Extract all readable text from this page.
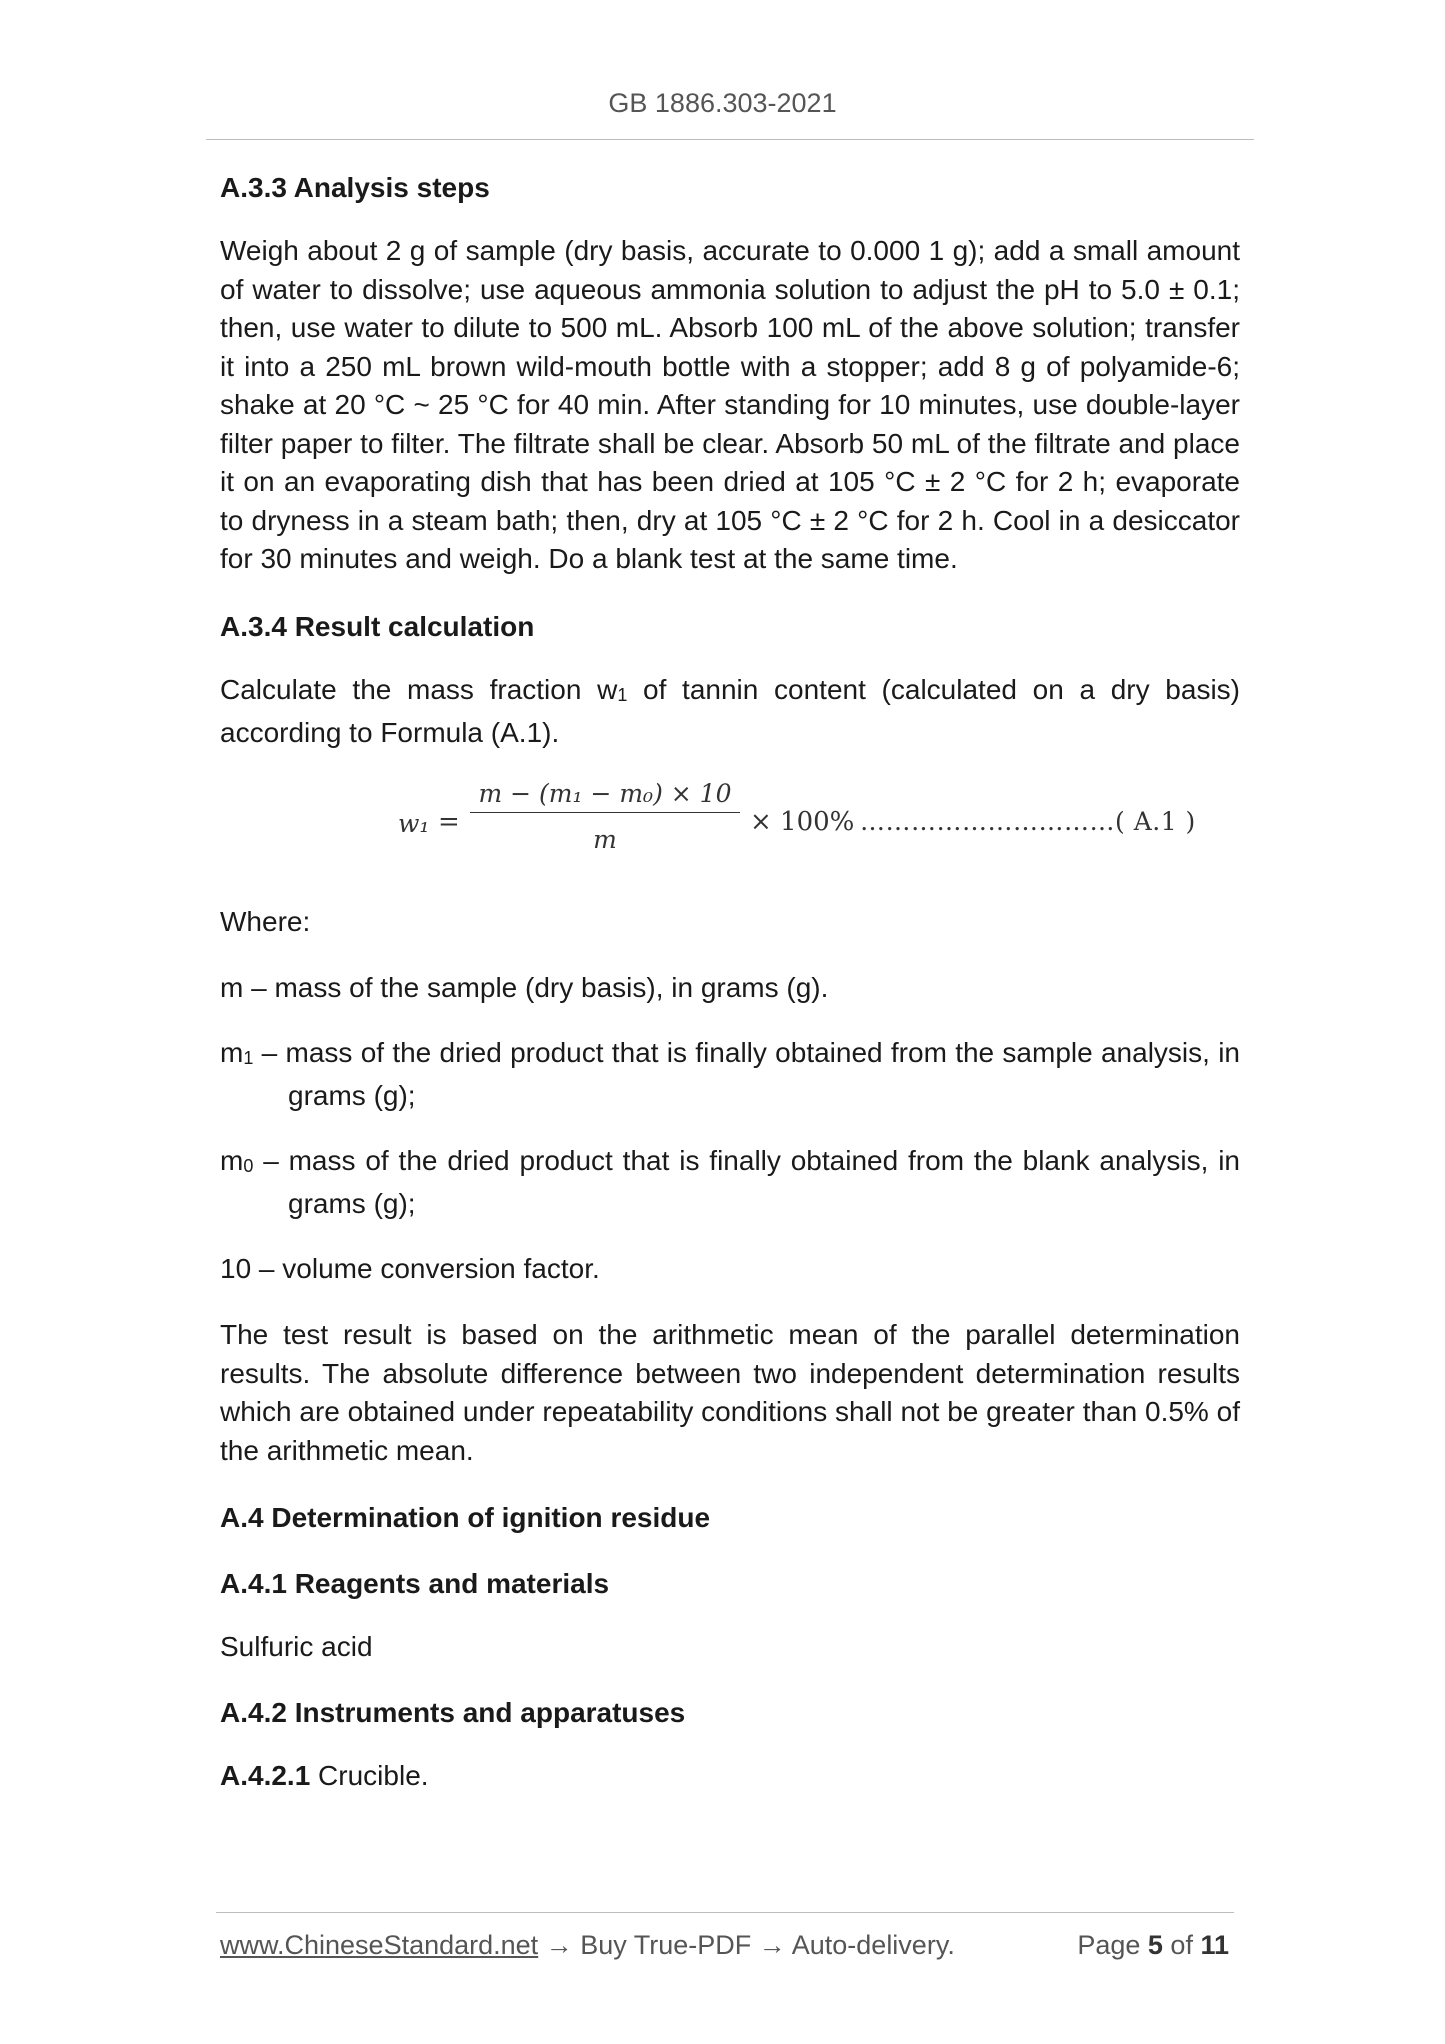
GB 1886.303-2021

A.3.3 Analysis steps

Weigh about 2 g of sample (dry basis, accurate to 0.000 1 g); add a small amount of water to dissolve; use aqueous ammonia solution to adjust the pH to 5.0 ± 0.1; then, use water to dilute to 500 mL. Absorb 100 mL of the above solution; transfer it into a 250 mL brown wild-mouth bottle with a stopper; add 8 g of polyamide-6; shake at 20 °C ~ 25 °C for 40 min. After standing for 10 minutes, use double-layer filter paper to filter. The filtrate shall be clear. Absorb 50 mL of the filtrate and place it on an evaporating dish that has been dried at 105 °C ± 2 °C for 2 h; evaporate to dryness in a steam bath; then, dry at 105 °C ± 2 °C for 2 h. Cool in a desiccator for 30 minutes and weigh. Do a blank test at the same time.

A.3.4 Result calculation

Calculate the mass fraction $w_1$ of tannin content (calculated on a dry basis) according to Formula (A.1).

w₁ =
m − (m₁ − m₀) × 10
m
× 100% …………………………( A.1 )

Where:

m – mass of the sample (dry basis), in grams (g).

$m_1$ – mass of the dried product that is finally obtained from the sample analysis, in grams (g);

$m_0$ – mass of the dried product that is finally obtained from the blank analysis, in grams (g);

10 – volume conversion factor.

The test result is based on the arithmetic mean of the parallel determination results. The absolute difference between two independent determination results which are obtained under repeatability conditions shall not be greater than 0.5% of the arithmetic mean.

A.4 Determination of ignition residue

A.4.1 Reagents and materials

Sulfuric acid

A.4.2 Instruments and apparatuses

A.4.2.1 Crucible.

www.ChineseStandard.net → Buy True-PDF → Auto-delivery.	Page 5 of 11
